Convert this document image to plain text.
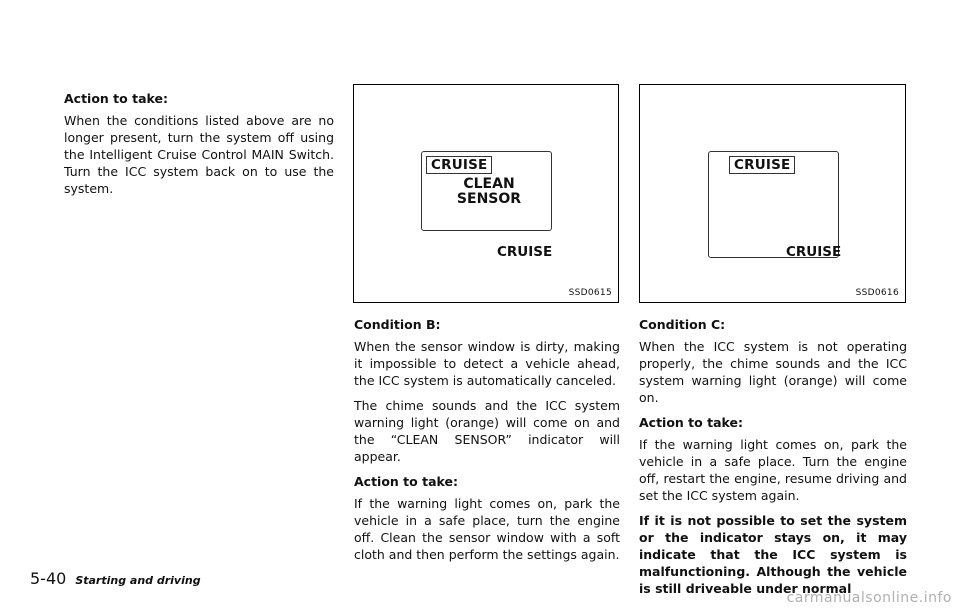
Action to take:

When the conditions listed above are no longer present, turn the system off using the Intelligent Cruise Control MAIN Switch. Turn the ICC system back on to use the system.

CRUISE
CLEAN
SENSOR
CRUISE
SSD0615
CRUISE
CRUISE
SSD0616

Condition B:

When the sensor window is dirty, making it impossible to detect a vehicle ahead, the ICC system is automatically canceled.

The chime sounds and the ICC system warning light (orange) will come on and the “CLEAN SENSOR” indicator will appear.

Action to take:

If the warning light comes on, park the vehicle in a safe place, turn the engine off. Clean the sensor window with a soft cloth and then perform the settings again.

Condition C:

When the ICC system is not operating properly, the chime sounds and the ICC system warning light (orange) will come on.

Action to take:

If the warning light comes on, park the vehicle in a safe place. Turn the engine off, restart the engine, resume driving and set the ICC system again.

If it is not possible to set the system or the indicator stays on, it may indicate that the ICC system is malfunctioning. Although the vehicle is still driveable under normal

5-40 Starting and driving
carmanualsonline.info
